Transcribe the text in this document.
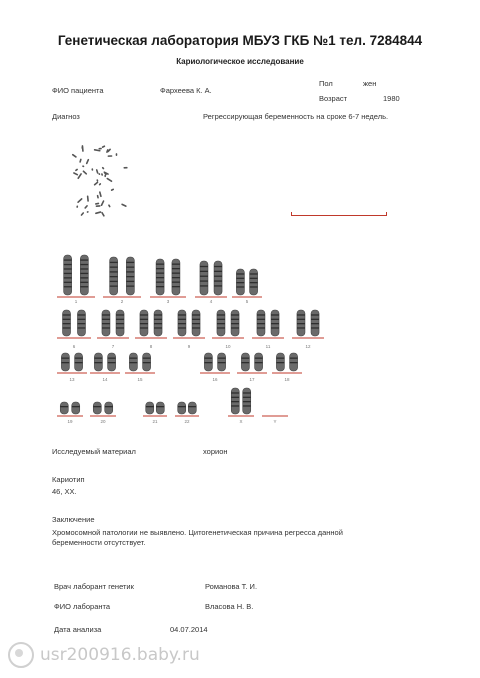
Генетическая лаборатория МБУЗ ГКБ №1 тел. 7284844
Кариологическое исследование
ФИО пациента	Фархеева К. А.
Пол	жен
Возраст	1980
Диагноз	Регрессирующая беременность на сроке 6-7 недель.
1	2	3	4	5
6	7	8	9	10	11	12
13	14	15	16	17	18
19	20	21	22	X	Y
Исследуемый материал	хорион
Кариотип
46, XX.
Заключение
Хромосомной патологии не выявлено. Цитогенетическая причина регресса данной беременности отсутствует.
Врач лаборант генетик	Романова Т. И.
ФИО лаборанта	Власова Н. В.
Дата анализа	04.07.2014
usr200916.baby.ru
